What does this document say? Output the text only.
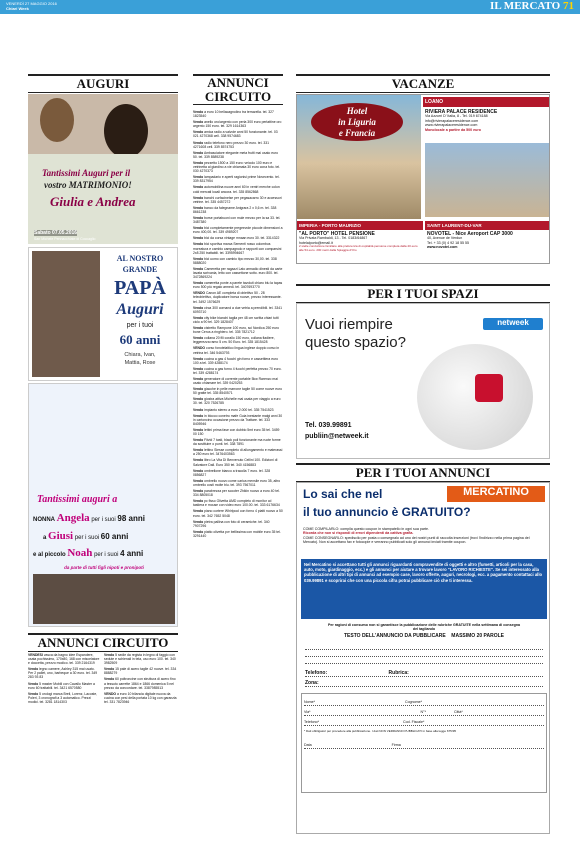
VENERDÌ 27 MAGGIO 2016
Chiari Week	IL MERCATO 71
AUGURI
Tantissimi Auguri per il
vostro MATRIMONIO!
Giulia e Andrea
Sabato 07.05.2016
San Michele Pennacchiate di Coccaglio
AL NOSTRO
GRANDE
PAPÀ
Auguri
per i tuoi
60 anni
Chiara, Ivan,
Mattia, Rose
Tantissimi auguri a
NONNA Angela per i suoi 98 anni
a Giusi per i suoi 60 anni
e al piccolo Noah per i suoi 4 anni
da parte di tutti figli nipoti e pronipoti
ANNUNCI CIRCUITO

VENDESI vasca da bagno idee Espandere, usata pochissimo, 170x80, 168 con miscelatore e doccetta, prezzo modico. tel. 339 2164319

Vendo legno camere, Ashley 315 mai usato. Per 2 pallet, uno, barbeque a 30 euro. tel. 349 283 93 83

Vendo 5 master Mobili con Cavallo Master a euro 60 trattabili. tel. 3421 6570580

Vendo 5 orologi marca Breil, Lorenz, Lacoste, Poleri, 3 cronografi a 3 automatico. Prezzi modici. tel. 3281 1814303

Vendo 5 sedie da regista in legno di faggio con sedute e schienali in tela, uso euro 100. tel. 340 3982509

Vendo 15 pale di acero taglie 42 nuove. tel. 334 8888279

Vendo 60 poltroncine con struttura di acero fino a tessuto carrette 1864 e 1866 domenica 5 nel prezzo da concordare. tel. 3387985513

VENDO a euro 10 bilancia digitale nuova da cucina con pesi della portata 10 kg con garanzia tel. 331 7823946

ANNUNCI CIRCUITO

Vendo a euro 10 bellacagnolino tra terrazella. tel. 327 1823540

Vendo anello oro/argento con perla 300 euro perlattine oro argento 150 euro. tel. 329 1614363

Vendo amica radio a valvole anni 50 funzionante. tel. 03 021 4270368 cell. 338 9574683

Vendo radio telefono nero prezzo 30 euro. tel. 331 4271608 cell. 339 8574753

Vendo Ambasciatore elegante meta frutti mai usato euro 50. tel. 339 8589238

Vendo pezzetto 1500 a 150 euro: veicolo 100 euro e vetrinetta al giardino a vie chiamata 30 euro cona foto. tel. 030 4270373

Vendo lampadario e aperti ragionisi prime Novecento. tel. 339 8317954

Vendo automobilina nuove anni 60 in ventri merche colon cold mercati locali ancora. tel. 335 8562868

Vendo banchi curfacinelse per pegasacarro 30 e accessori vetrine. tel. 335 4457272

Vendo banco da falegname Anigrara 2 x 0,6 m. tel. 338 8661238

Vendo borse portabuoni con mule mezzo per la sa 33. tel. 3487380

Vendo bici completamente pregeevole piccole dimensioni a euro 400,00. tel. 339 4989207

Vendo bici da corsa vintage mnaan euro 30. tel. 3314322

Vendo bici sportiva marca Sementi rosso colombus mcreatura e cambio campagnolo e rapporti con comparsini 2x8 250 trattabili. tel. 3395994667

Vendo bici uomo con cambio tipo mezzo 30,00. tel. 338 5888020

Vendo Cameretta per ragazzi Lato armadio dinesti da carte lavata scrivania, letto con cassettone sotto. euro 800. tel. 3472869224

Vendo cameretta ponte a parete tavoluti chiaro blu la tapas euro 500 più regalo armedi. tel. 3407693770

VENDO Canon AE completa di obiettivo 50 - 28 teleobiettivo, duplicatore borsa nuove, prezzo interessante. tel. 3492 1576629

Vendo circa 300 cornand a due vetria a prendibili. tel. 3341 6093710

Vendo city bike bianchi taglia per 48 cm scritta chiari tutti ciclo a 90 tel. 329 1828407

Vendo cistretto Rampone 100 euro, sci Nordica 250 euro bone Cerus a ringhiero. tel. 335 7821712

Vendo collana 20 fili corallo 150 euro, collana fiadiere, leggerezza ramo 5 cm. 50 Euro. tel. 335 1815428

VENDO corso fonotelattico lingua inglese doppio corso in vetrina tel. 346 5463793

Vendo cucina a gas 4 fuochi gin forno e cassettiera euro 100 a tel. 339 4288174

Vendo cucina a gas forno 4 fuochi perfetta prezzo 70 euro. tel. 339 4288174

Vendo generatore di corrente portable 5kw Rarenzo mai usato chiamare tel. 339 0420253

Vendo giacche in pelle marrone taglie 50 come nuove euro 50 gratte tel. 335 8540571

Vendo giostra attiva Michelle mai usata per viaggio a euro 30. tel. 320 7526785

Vendo impianto stereo a euro 2.000 tel. 335 7541523

Vendo in blocco conetro mafe Guia inestante malgi anni 30 in cartoncino occasione prezzo da Trattare. tel. 333 8405946

Vendo lettini prima fase con dubbio 5mt euro 35 tel. 3459 00 150

Vendo Fitvid 7 tasti, black poli funzionante ma ruote forme da sostituire o punti. tel. 338 7891

Vendo lettino Siesse completo di allungamento e materassi a 250 euro tel. 3476403563

Vendo libro La Vita Di Benvenuto Cellini 100. Edizioni di Salvatore Dall. Euro 350 tel. 340 4156883

Vendo ombrellone bianco a tracolla 7 euro. tel. 328 0856827

Vendo ombrello nuovo come carica mensile euro 35, altro ombrello costi molte blu. tel. 393 7567011

Vendo parabrezza per scooter Zhikin nuovo a euro 40 tel. 334 8805018

Vendo pc fisso Olivetta AMD completo di monitor cd tastiera e mouse con video euro 100.00. tel. 333 6176634

Vendo piano cortere Whirlpool con forno 4 piatti nuovo a 50 euro. tel. 342 7652 5048

Vendo pietra pallina con foto di ceramiche. tel. 340 7907296

Vendo piatto olivetta pvr bellissima con mobile euro 35 tel. 3291440

VACANZE
Hotel
in Liguria
e Francia
LOANO
RIVIERA PALACE RESIDENCE
Via Azzurri D' Italia, 8 - Tel. 019 674188
info@rivierapalaceresidence.com
www.rivierapalaceresidence.com
Monolocale a partire da 500 euro
IMPERIA - PORTO MAURIZIO
"AL PORTO" HOTEL PENSIONE
Via Privata Rambaldi, 13 - Tel. 0183/64867
hotelalporto@email.it
2 stelle conduzione familiare alla preferenza di ospitalità pensione completa dalla 40 euro alle 54 euro. 200 metri dalla Spiaggia d'Oro
SAINT LAURENT-DU-VAR
NOVOTEL - Nice Aeroport CAP 3000
40, Avenue de Verdun
Tel. + 33 (0) 4 92 18 55 55
www.novotel.com
PER I TUOI SPAZI
Vuoi riempire
questo spazio?
netweek
Tel. 039.99891
publiin@netweek.it
PER I TUOI ANNUNCI
Lo sai che nel	MERCATINO
il tuo annuncio è GRATUITO?
COME COMPILARLO: compila questo coupon in stampatello in ogni sua parte.
Ricorda che non si rispondi di errori dipendenti da cattiva grafia.
COME CONSEGNARLO: spediscilo per posta o consegnalo ad uno dei nostri punti di raccolta inserzioni (trovi l'indirizzo nella prima pagina del Mercato). Non si accettano fax e fotocopie e verranno pubblicati solo gli annunci inviati tramite coupon.
Nel Mercatino si accettano tutti gli annunci riguardanti compravendite di oggetti e altro (fumetti, articoli per la casa, auto, moto, giardinaggio, ecc.) e gli annunci per aiutare a trovare lavoro "LAVORO RICHIESTE". Se sei interessato alla pubblicazione di altri tipi di annunci ad esempio case, lavoro offerte, auguri, necrologi, ecc. a pagamento contattaci allo 039.99891 e scoprirai che con una piccola cifra potrai pubblicare ciò che ti interessa.
Per ragioni di consumo non si garantisce la pubblicazione delle rubriche GRATUITE nella settimana di consegna del tagliando
TESTO DELL'ANNUNCIO DA PUBBLICARE MASSIMO 20 PAROLE
Telefono:	Rubrica:
Zona:
Nome*	Cognome*
Via*	N°*	Città*
Telefono*	Cod. Fiscale*
* Dati obbligatori per procedere alla pubblicazione. I dati NON VERRANNO PUBBLICATI in base alla legge 675/95
Data	Firma
